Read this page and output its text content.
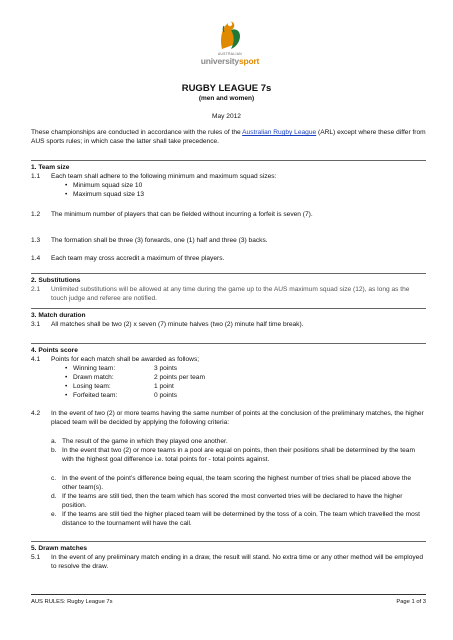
AUSTRALIAN
universitysport
RUGBY LEAGUE 7s
(men and women)
May 2012
These championships are conducted in accordance with the rules of the Australian Rugby League (ARL) except where these differ from AUS sports rules; in which case the latter shall take precedence.
1. Team size
1.1 Each team shall adhere to the following minimum and maximum squad sizes:
• Minimum squad size 10
• Maximum squad size 13
1.2 The minimum number of players that can be fielded without incurring a forfeit is seven (7).
1.3 The formation shall be three (3) forwards, one (1) half and three (3) backs.
1.4 Each team may cross accredit a maximum of three players.
2. Substitutions
2.1 Unlimited substitutions will be allowed at any time during the game up to the AUS maximum squad size (12), as long as the touch judge and referee are notified.
3. Match duration
3.1 All matches shall be two (2) x seven (7) minute halves (two (2) minute half time break).
4. Points score
4.1 Points for each match shall be awarded as follows;
• Winning team:	3 points
• Drawn match:	2 points per team
• Losing team:	1 point
• Forfeited team:	0 points
4.2 In the event of two (2) or more teams having the same number of points at the conclusion of the preliminary matches, the higher placed team will be decided by applying the following criteria:
a. The result of the game in which they played one another.
b. In the event that two (2) or more teams in a pool are equal on points, then their positions shall be determined by the team with the highest goal difference i.e. total points for - total points against.
c. In the event of the point’s difference being equal, the team scoring the highest number of tries shall be placed above the other team(s).
d. If the teams are still tied, then the team which has scored the most converted tries will be declared to have the higher position.
e. If the teams are still tied the higher placed team will be determined by the toss of a coin. The team which travelled the most distance to the tournament will have the call.
5. Drawn matches
5.1 In the event of any preliminary match ending in a draw, the result will stand. No extra time or any other method will be employed to resolve the draw.
AUS RULES: Rugby League 7s	Page 1 of 3
